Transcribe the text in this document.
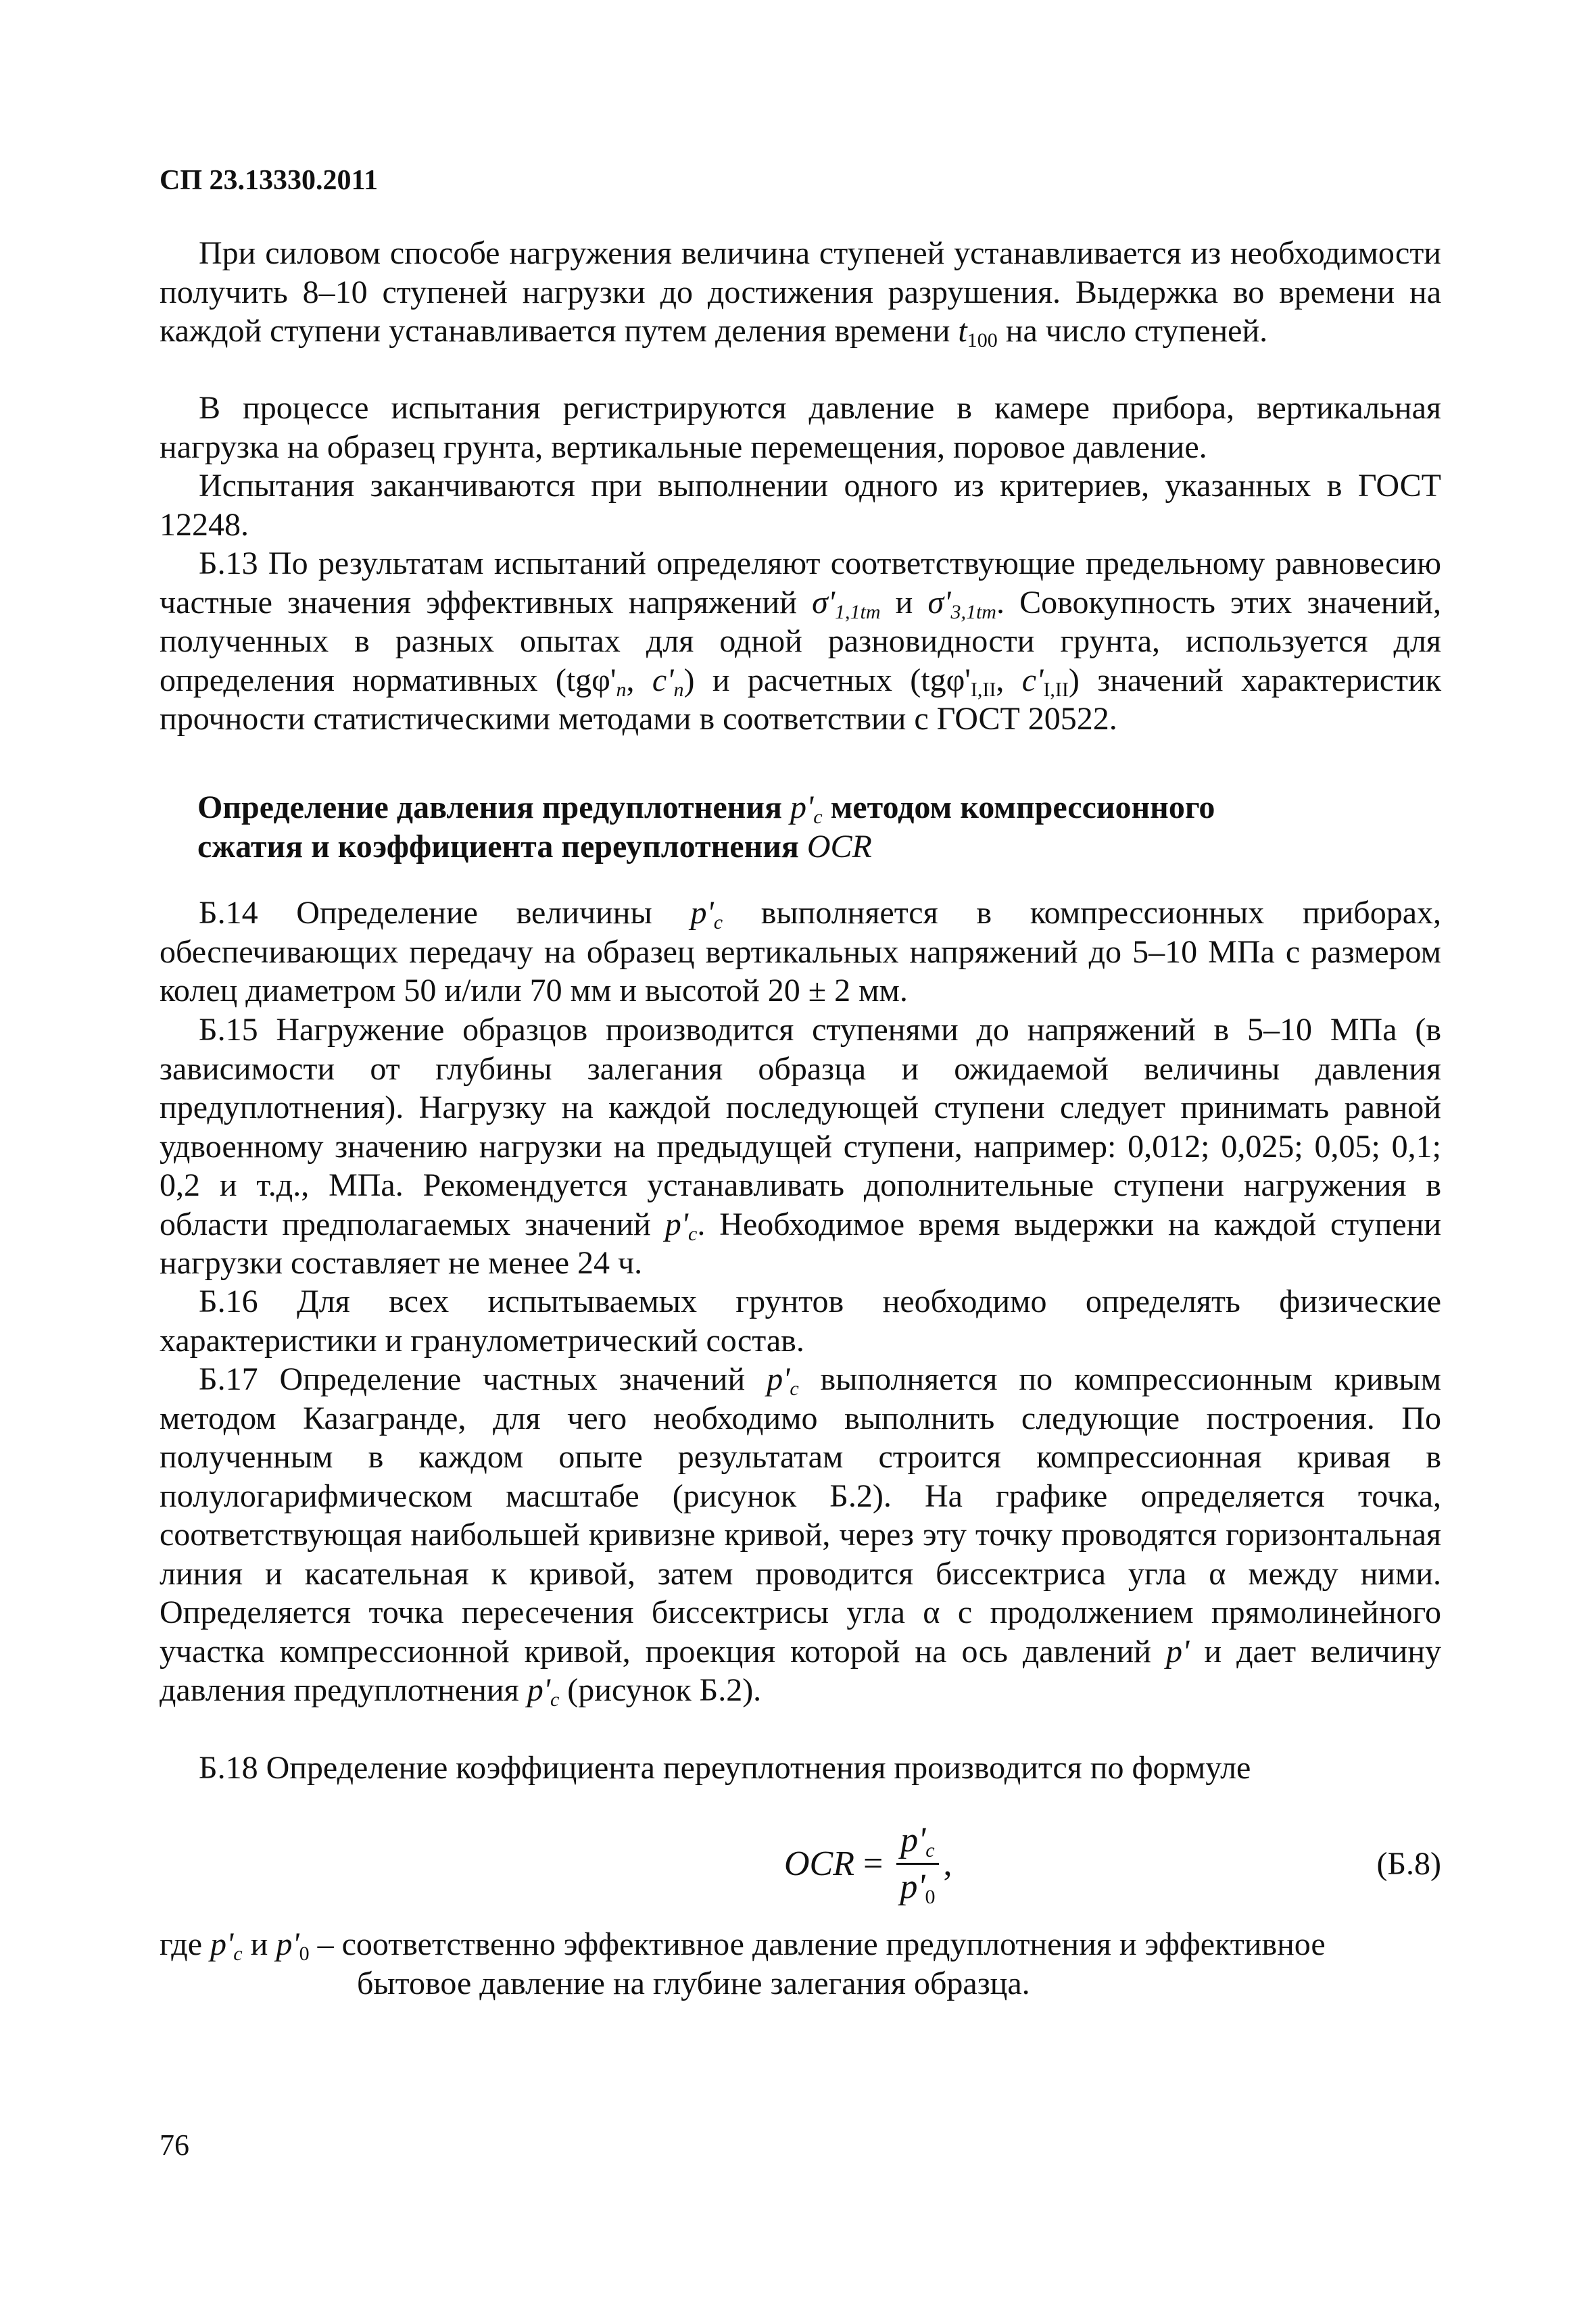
СП 23.13330.2011

При силовом способе нагружения величина ступеней устанавливается из необходимости получить 8–10 ступеней нагрузки до достижения разрушения. Выдержка во времени на каждой ступени устанавливается путем деления времени $t_{100}$ на число ступеней.

В процессе испытания регистрируются давление в камере прибора, вертикальная нагрузка на образец грунта, вертикальные перемещения, поровое давление.

Испытания заканчиваются при выполнении одного из критериев, указанных в ГОСТ 12248.

Б.13 По результатам испытаний определяют соответствующие предельному равновесию частные значения эффективных напряжений $\sigma'_{1,1tm}$ и $\sigma'_{3,1tm}$. Совокупность этих значений, полученных в разных опытах для одной разновидности грунта, используется для определения нормативных ($tg\varphi'_n$, $c'_n$) и расчетных ($tg\varphi'_{I,II}$, $c'_{I,II}$) значений характеристик прочности статистическими методами в соответствии с ГОСТ 20522.

Определение давления предуплотнения $p'_c$ методом компрессионного
сжатия и коэффициента переуплотнения OCR

Б.14 Определение величины $p'_c$ выполняется в компрессионных приборах, обеспечивающих передачу на образец вертикальных напряжений до 5–10 МПа с размером колец диаметром 50 и/или 70 мм и высотой 20 ± 2 мм.

Б.15 Нагружение образцов производится ступенями до напряжений в 5–10 МПа (в зависимости от глубины залегания образца и ожидаемой величины давления предуплотнения). Нагрузку на каждой последующей ступени следует принимать равной удвоенному значению нагрузки на предыдущей ступени, например: 0,012; 0,025; 0,05; 0,1; 0,2 и т.д., МПа. Рекомендуется устанавливать дополнительные ступени нагружения в области предполагаемых значений $p'_c$. Необходимое время выдержки на каждой ступени нагрузки составляет не менее 24 ч.

Б.16 Для всех испытываемых грунтов необходимо определять физические характеристики и гранулометрический состав.

Б.17 Определение частных значений $p'_c$ выполняется по компрессионным кривым методом Казагранде, для чего необходимо выполнить следующие построения. По полученным в каждом опыте результатам строится компрессионная кривая в полулогарифмическом масштабе (рисунок Б.2). На графике определяется точка, соответствующая наибольшей кривизне кривой, через эту точку проводятся горизонтальная линия и касательная к кривой, затем проводится биссектриса угла α между ними. Определяется точка пересечения биссектрисы угла α с продолжением прямолинейного участка компрессионной кривой, проекция которой на ось давлений p' и дает величину давления предуплотнения $p'_c$ (рисунок Б.2).

Б.18 Определение коэффициента переуплотнения производится по формуле

OCR = $\frac{p'_c}{p'_0}$ ,	(Б.8)

где $p'_c$ и $p'_0$ – соответственно эффективное давление предуплотнения и эффективное
бытовое давление на глубине залегания образца.

76
